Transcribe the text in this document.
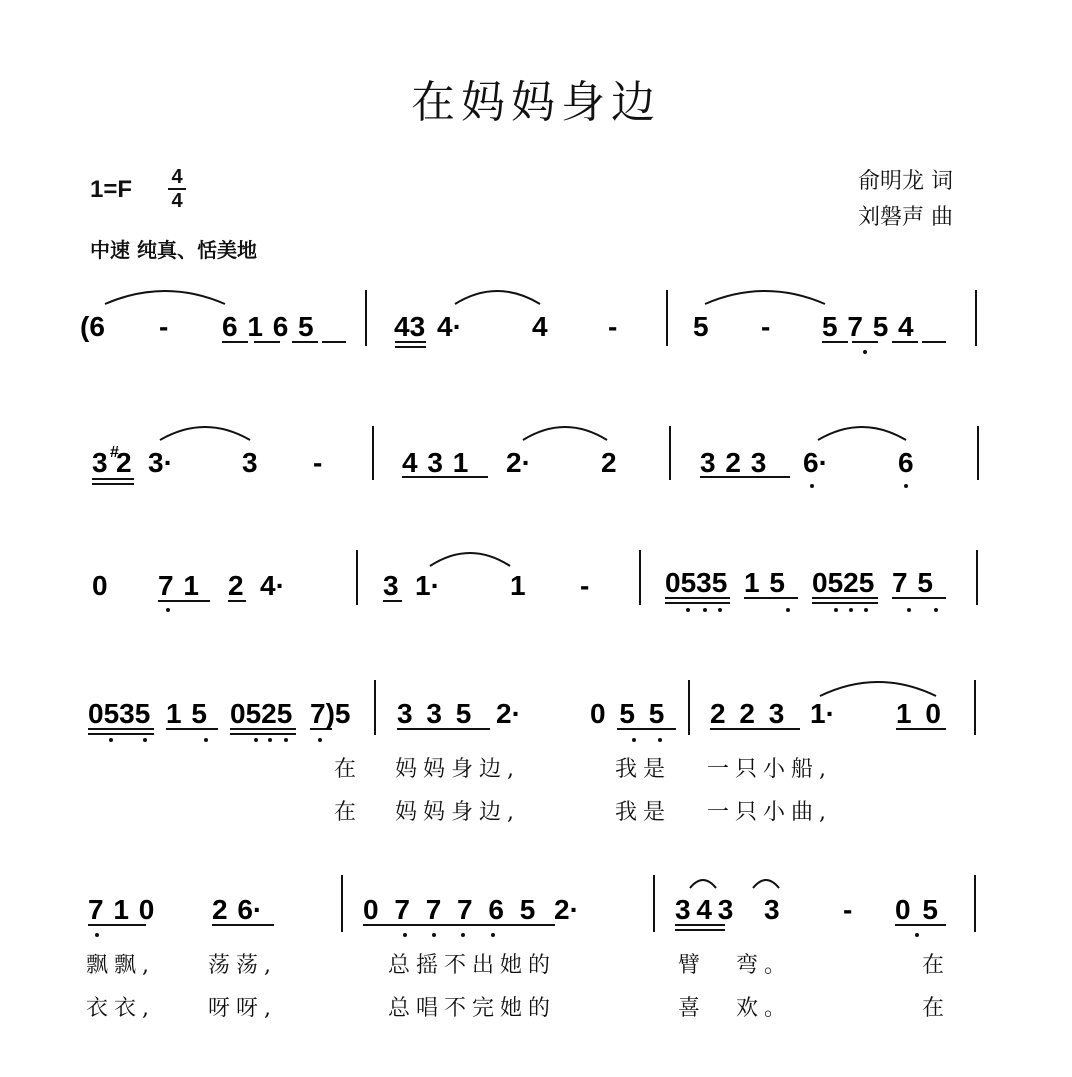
在妈妈身边
1=F 4
4
中速 纯真、恬美地
俞明龙 词
刘磐声 曲
(6 - 6 1 6 5	43 4·	4 -	5 - 5 7 5 4
3 #
2 3· 3 -	4 3 1 2·	2	3 2 3 6·	6
0 7 1 2 4·	3 1·	1 -	0535 1 5 0525 7 5
0535 1 5 0525 7)5 3 3 5 2· 0 5 5 2 2 3 1· 1 0
7 1 0 2 6·	0 7 7 7 6 5 2·	3 4 3 3 - 0 5
在 妈妈身边,	我是 一只小船,
在 妈妈身边,	我是 一只小曲,
飘飘, 荡荡,	总摇不出她的	臂 弯。	在
衣衣, 呀呀,	总唱不完她的	喜 欢。	在
